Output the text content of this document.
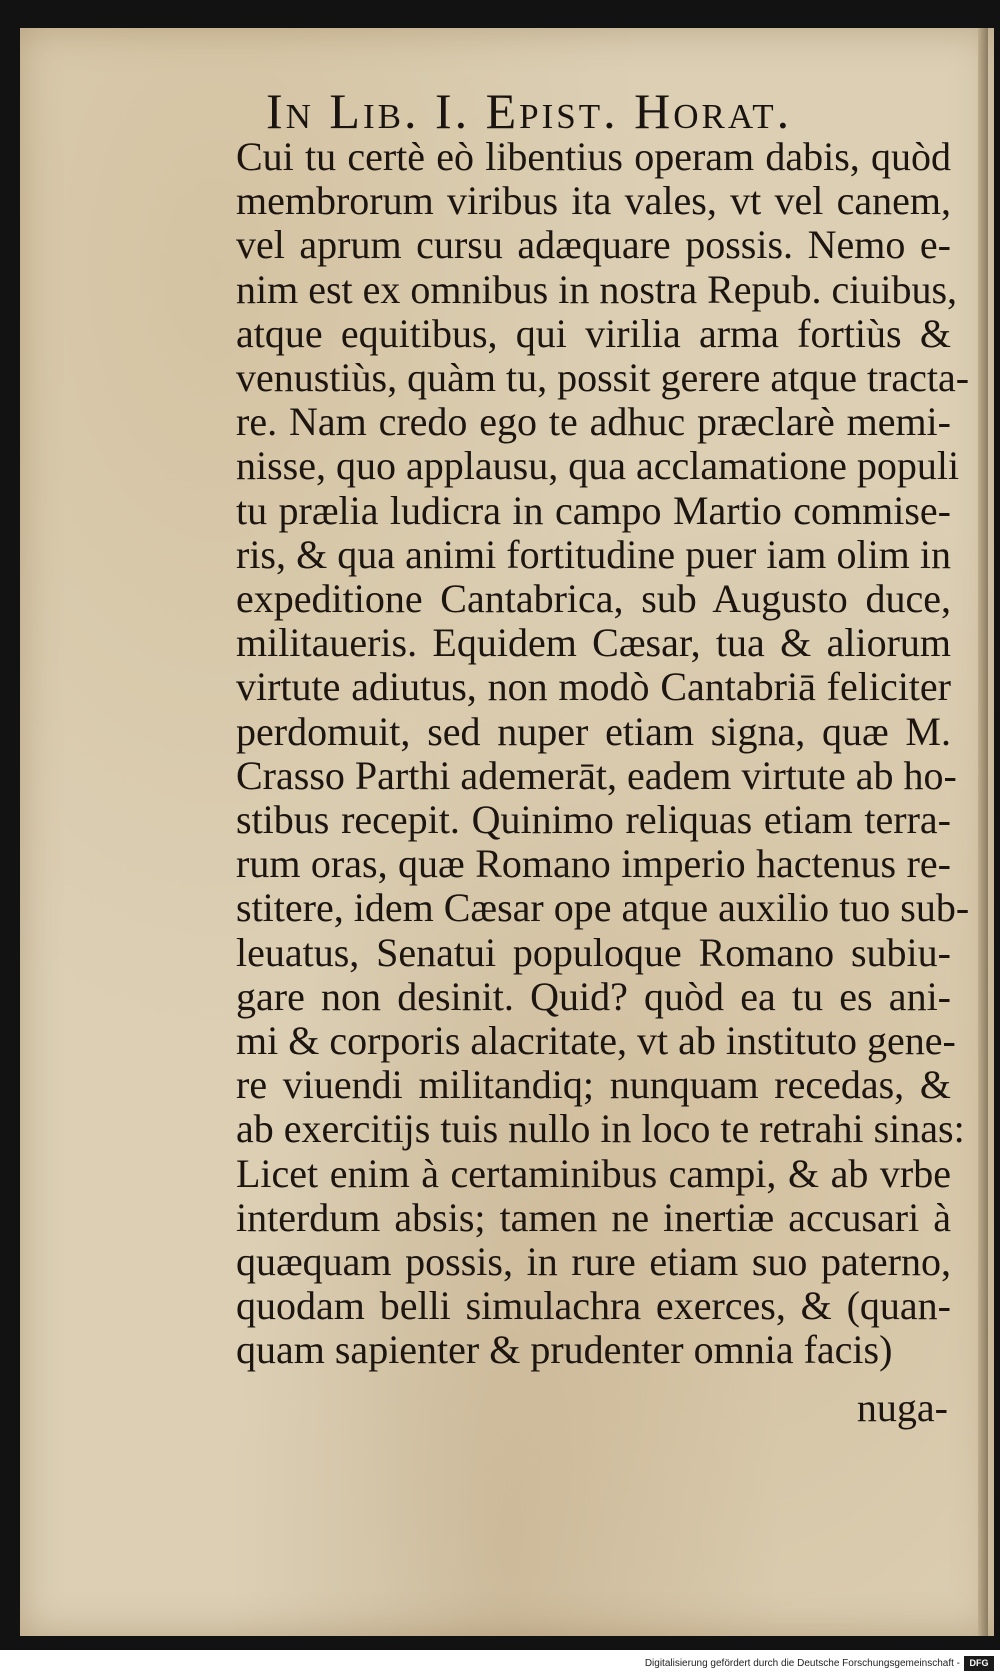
In Lib. I. Epist. Horat.
Cui tu certè eò libentius operam dabis, quòd
membrorum viribus ita vales, vt vel canem,
vel aprum cursu adæquare possis. Nemo e-
nim est ex omnibus in nostra Repub. ciuibus,
atque equitibus, qui virilia arma fortiùs &
venustiùs, quàm tu, possit gerere atque tracta-
re. Nam credo ego te adhuc præclarè memi-
nisse, quo applausu, qua acclamatione populi
tu prælia ludicra in campo Martio commise-
ris, & qua animi fortitudine puer iam olim in
expeditione Cantabrica, sub Augusto duce,
militaueris. Equidem Cæsar, tua & aliorum
virtute adiutus, non modò Cantabriā feliciter
perdomuit, sed nuper etiam signa, quæ M.
Crasso Parthi ademerāt, eadem virtute ab ho-
stibus recepit. Quinimo reliquas etiam terra-
rum oras, quæ Romano imperio hactenus re-
stitere, idem Cæsar ope atque auxilio tuo sub-
leuatus, Senatui populoque Romano subiu-
gare non desinit. Quid? quòd ea tu es ani-
mi & corporis alacritate, vt ab instituto gene-
re viuendi militandiq; nunquam recedas, &
ab exercitijs tuis nullo in loco te retrahi sinas:
Licet enim à certaminibus campi, & ab vrbe
interdum absis; tamen ne inertiæ accusari à
quæquam possis, in rure etiam suo paterno,
quodam belli simulachra exerces, & (quan-
quam sapienter & prudenter omnia facis)
nuga-
Digitalisierung gefördert durch die Deutsche Forschungsgemeinschaft -	DFG
